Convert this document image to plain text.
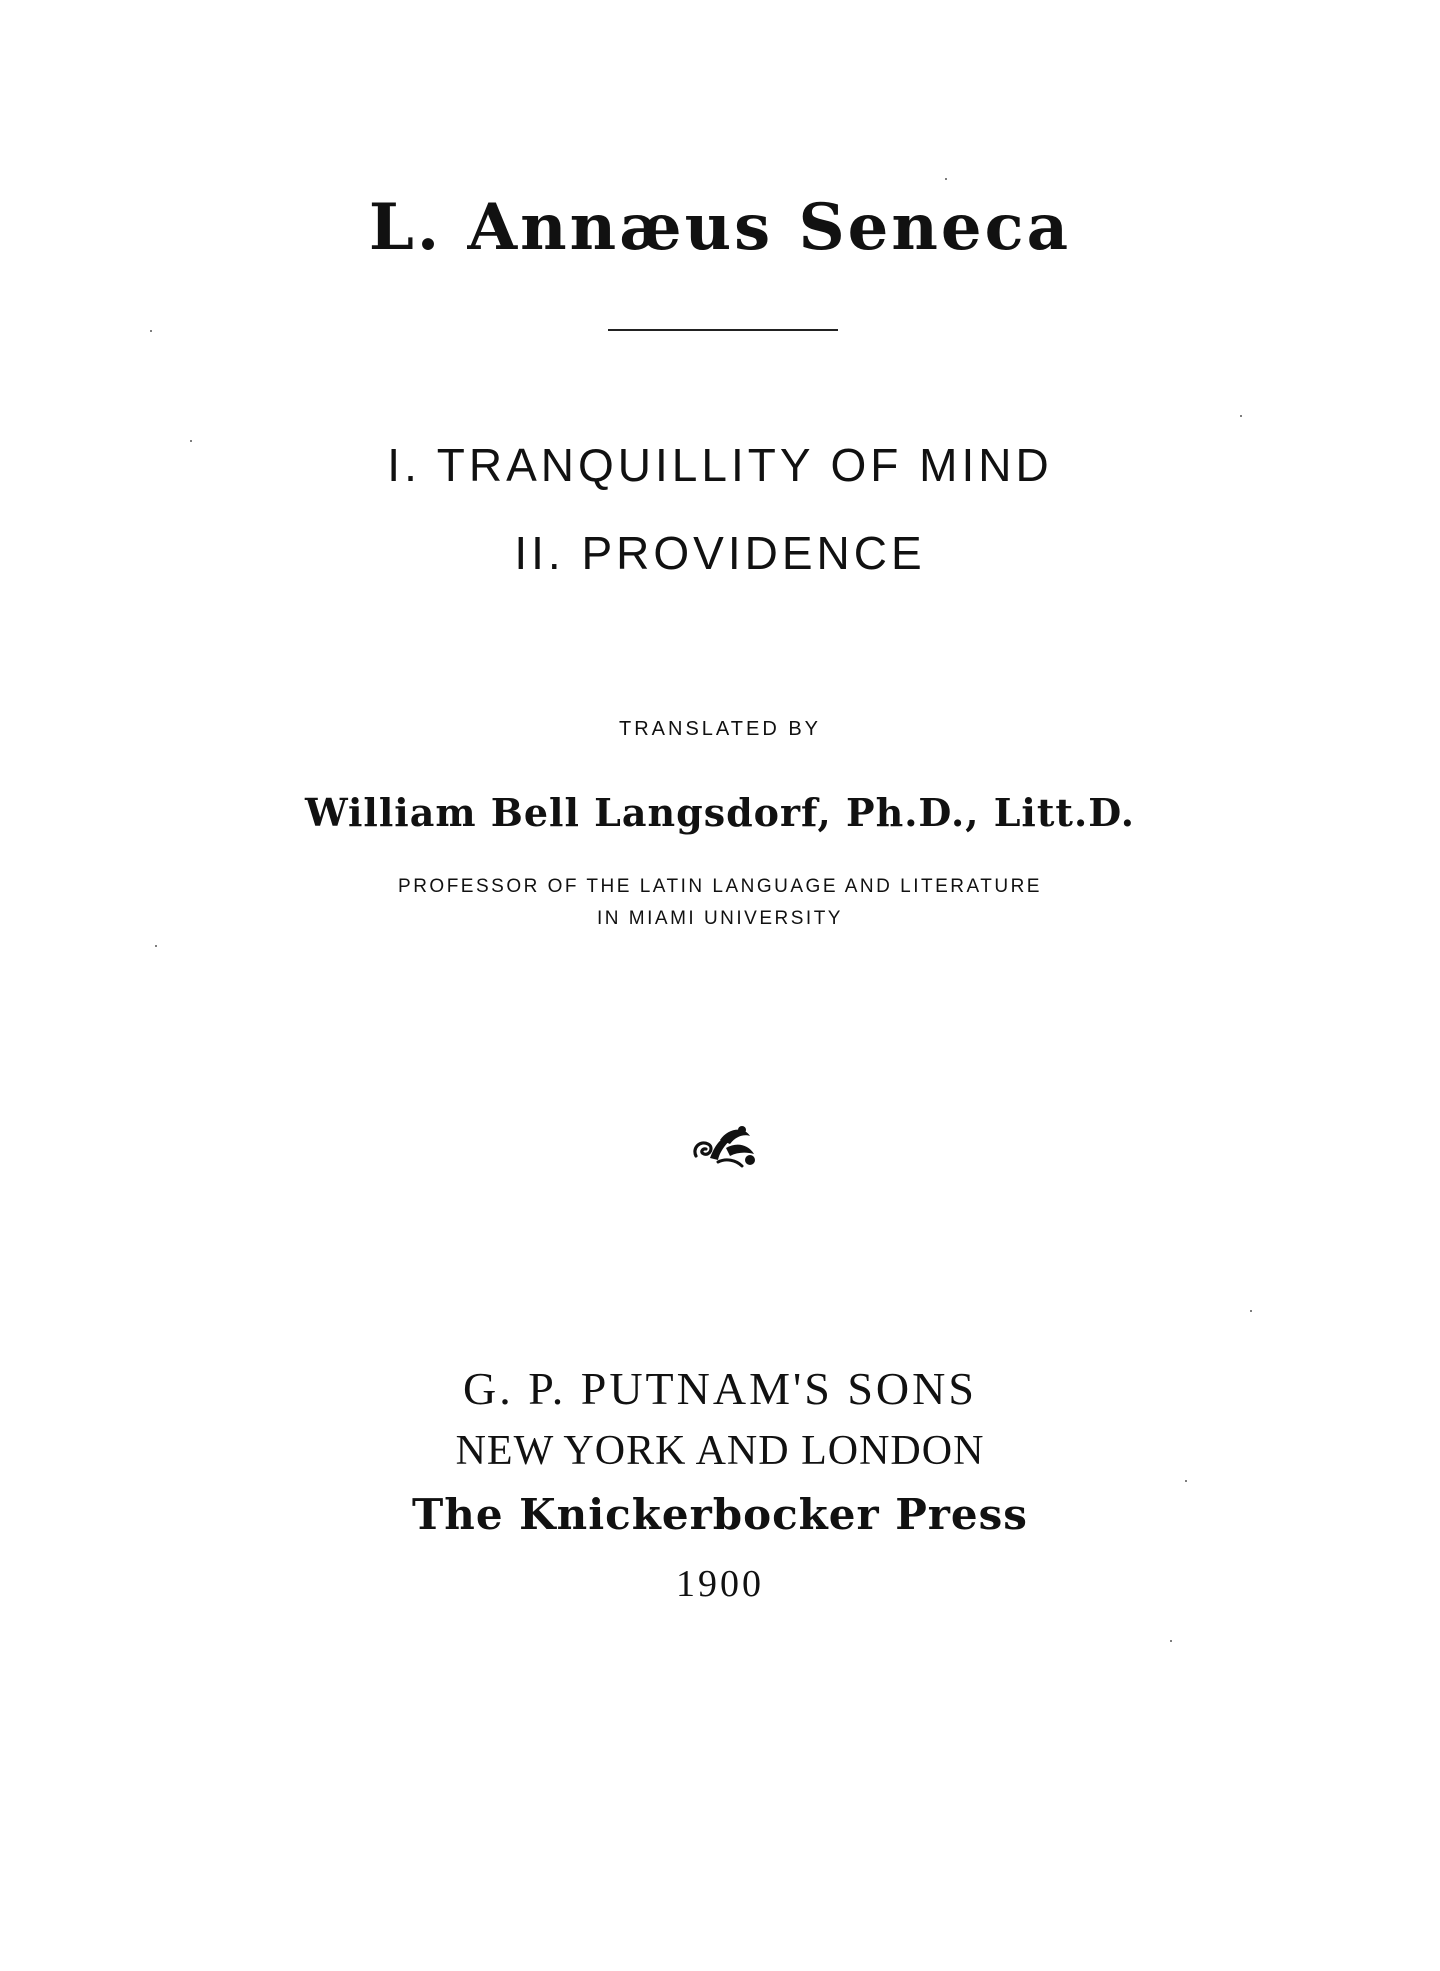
L. Annæus Seneca
I. TRANQUILLITY OF MIND
II. PROVIDENCE
TRANSLATED BY
William Bell Langsdorf, Ph.D., Litt.D.
PROFESSOR OF THE LATIN LANGUAGE AND LITERATURE
IN MIAMI UNIVERSITY
G. P. PUTNAM'S SONS
NEW YORK AND LONDON
The Knickerbocker Press
1900
